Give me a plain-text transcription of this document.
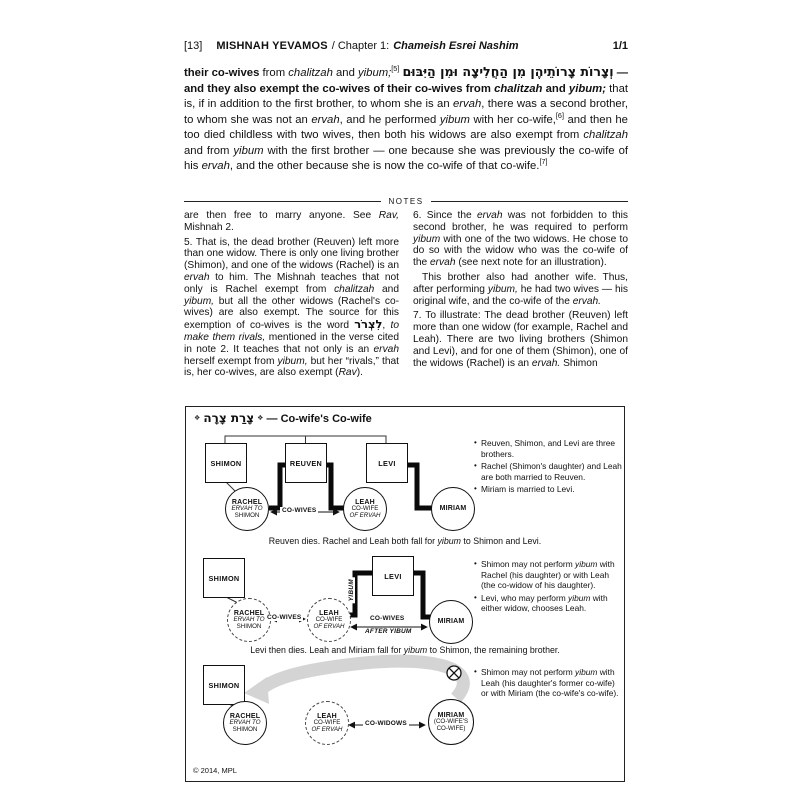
[13] MISHNAH YEVAMOS / Chapter 1: Chameish Esrei Nashim	1/1
their co-wives from chalitzah and yibum;[5] וְצָרוֹת צָרוֹתֵיהֶן מִן הַחֲלִיצָה וּמִן הַיִּבּוּם — and they also exempt the co-wives of their co-wives from chalitzah and yibum; that is, if in addition to the first brother, to whom she is an ervah, there was a second brother, to whom she was not an ervah, and he performed yibum with her co-wife,[6] and then he too died childless with two wives, then both his widows are also exempt from chalitzah and from yibum with the first brother — one because she was previously the co-wife of his ervah, and the other because she is now the co-wife of that co-wife.[7]
NOTES

are then free to marry anyone. See Rav, Mishnah 2.

5. That is, the dead brother (Reuven) left more than one widow. There is only one living brother (Shimon), and one of the widows (Rachel) is an ervah to him. The Mishnah teaches that not only is Rachel exempt from chalitzah and yibum, but all the other widows (Rachel's co-wives) are also exempt. The source for this exemption of co-wives is the word לִצְרֹר, to make them rivals, mentioned in the verse cited in note 2. It teaches that not only is an ervah herself exempt from yibum, but her “rivals,” that is, her co-wives, are also exempt (Rav).

6. Since the ervah was not forbidden to this second brother, he was required to perform yibum with one of the two widows. He chose to do so with the widow who was the co-wife of the ervah (see next note for an illustration).

This brother also had another wife. Thus, after performing yibum, he had two wives — his original wife, and the co-wife of the ervah.

7. To illustrate: The dead brother (Reuven) left more than one widow (for example, Rachel and Leah). There are two living brothers (Shimon and Levi), and for one of them (Shimon), one of the widows (Rachel) is an ervah. Shimon

❖ צָרַת צָרָה ❖ — Co-wife's Co-wife
SHIMON	REUVEN	LEVI
RACHEL
ERVAH TO
SHIMON
LEAH
CO-WIFE
OF ERVAH
MIRIAM
CO-WIVES
Reuven dies. Rachel and Leah both fall for yibum to Shimon and Levi.
• Reuven, Shimon, and Levi are three brothers.
• Rachel (Shimon's daughter) and Leah are both married to Reuven.
• Miriam is married to Levi.
SHIMON	LEVI
RACHEL
ERVAH TO
SHIMON
LEAH
CO-WIFE
OF ERVAH
MIRIAM
YIBUM
CO-WIVES	CO-WIVES
AFTER YIBUM
Levi then dies. Leah and Miriam fall for yibum to Shimon, the remaining brother.
• Shimon may not perform yibum with Rachel (his daughter) or with Leah (the co-widow of his daughter).
• Levi, who may perform yibum with either widow, chooses Leah.
SHIMON
RACHEL
ERVAH TO
SHIMON
LEAH
CO-WIFE
OF ERVAH
MIRIAM
(CO-WIFE'S
CO-WIFE)
CO-WIDOWS
• Shimon may not perform yibum with Leah (his daughter's former co-wife) or with Miriam (the co-wife's co-wife).
© 2014, MPL
